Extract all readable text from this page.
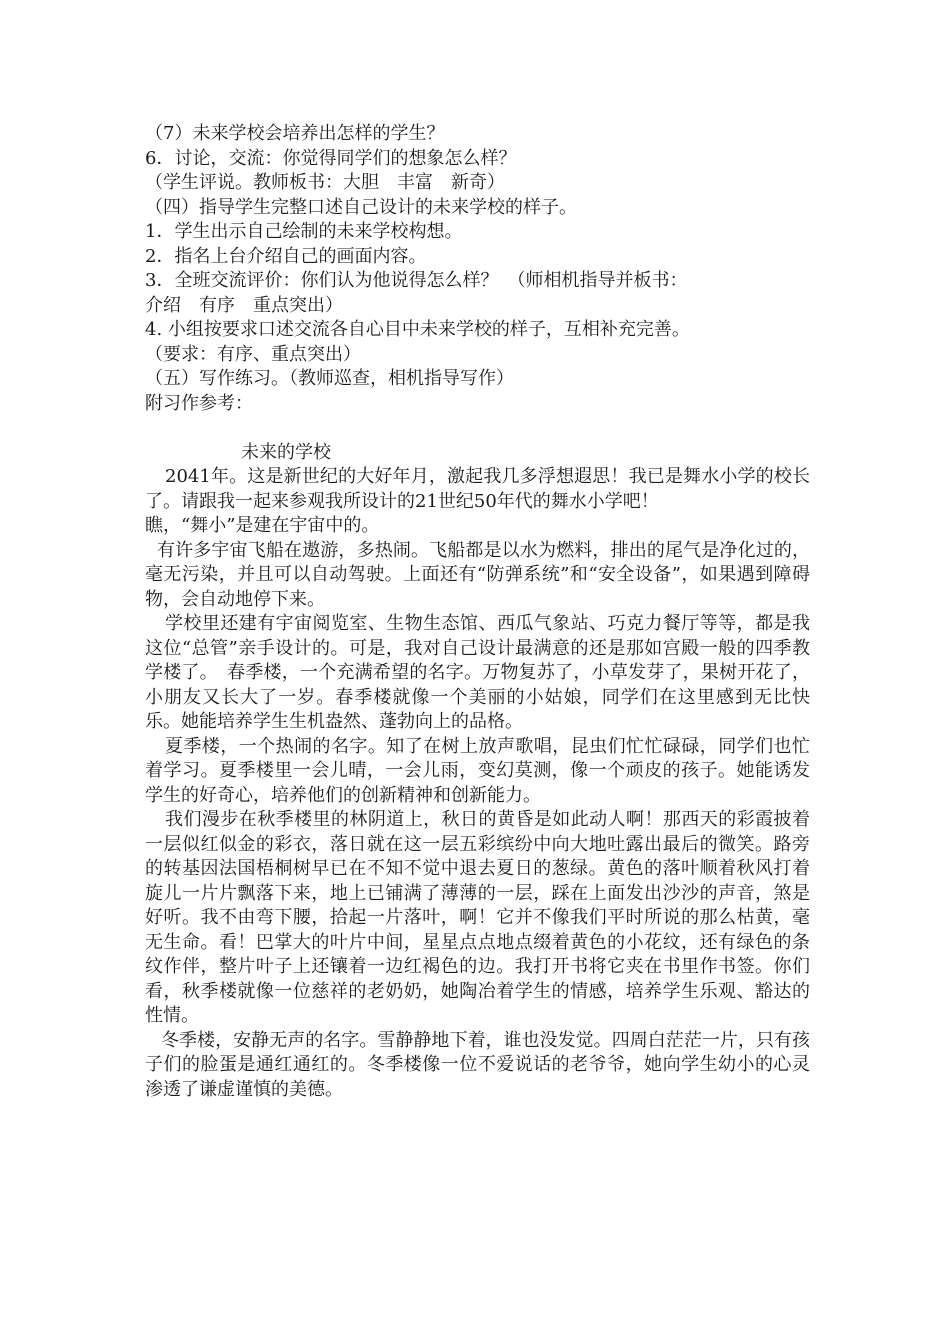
（7）未来学校会培养出怎样的学生？

6．讨论，交流：你觉得同学们的想象怎么样？

（学生评说。教师板书：大胆　丰富　新奇）

（四）指导学生完整口述自己设计的未来学校的样子。

1．学生出示自己绘制的未来学校构想。

2．指名上台介绍自己的画面内容。

3．全班交流评价：你们认为他说得怎么样？　（师相机指导并板书：

介绍　有序　重点突出）

4. 小组按要求口述交流各自心目中未来学校的样子，互相补充完善。

（要求：有序、重点突出）

（五）写作练习。（教师巡查，相机指导写作）

附习作参考：

未来的学校

2041年。这是新世纪的大好年月，激起我几多浮想遐思！我已是舞水小学的校长了。请跟我一起来参观我所设计的21世纪50年代的舞水小学吧！

瞧，“舞小”是建在宇宙中的。

有许多宇宙飞船在遨游，多热闹。飞船都是以水为燃料，排出的尾气是净化过的，毫无污染，并且可以自动驾驶。上面还有“防弹系统”和“安全设备”，如果遇到障碍物，会自动地停下来。

学校里还建有宇宙阅览室、生物生态馆、西瓜气象站、巧克力餐厅等等，都是我这位“总管”亲手设计的。可是，我对自己设计最满意的还是那如宫殿一般的四季教学楼了。　春季楼，一个充满希望的名字。万物复苏了，小草发芽了，果树开花了，小朋友又长大了一岁。春季楼就像一个美丽的小姑娘，同学们在这里感到无比快乐。她能培养学生生机盎然、蓬勃向上的品格。

夏季楼，一个热闹的名字。知了在树上放声歌唱，昆虫们忙忙碌碌，同学们也忙着学习。夏季楼里一会儿晴，一会儿雨，变幻莫测，像一个顽皮的孩子。她能诱发学生的好奇心，培养他们的创新精神和创新能力。

我们漫步在秋季楼里的林阴道上，秋日的黄昏是如此动人啊！那西天的彩霞披着一层似红似金的彩衣，落日就在这一层五彩缤纷中向大地吐露出最后的微笑。路旁的转基因法国梧桐树早已在不知不觉中退去夏日的葱绿。黄色的落叶顺着秋风打着旋儿一片片飘落下来，地上已铺满了薄薄的一层，踩在上面发出沙沙的声音，煞是好听。我不由弯下腰，拾起一片落叶，啊！它并不像我们平时所说的那么枯黄，毫无生命。看！巴掌大的叶片中间，星星点点地点缀着黄色的小花纹，还有绿色的条纹作伴，整片叶子上还镶着一边红褐色的边。我打开书将它夹在书里作书签。你们看，秋季楼就像一位慈祥的老奶奶，她陶冶着学生的情感，培养学生乐观、豁达的性情。

冬季楼，安静无声的名字。雪静静地下着，谁也没发觉。四周白茫茫一片，只有孩子们的脸蛋是通红通红的。冬季楼像一位不爱说话的老爷爷，她向学生幼小的心灵渗透了谦虚谨慎的美德。
